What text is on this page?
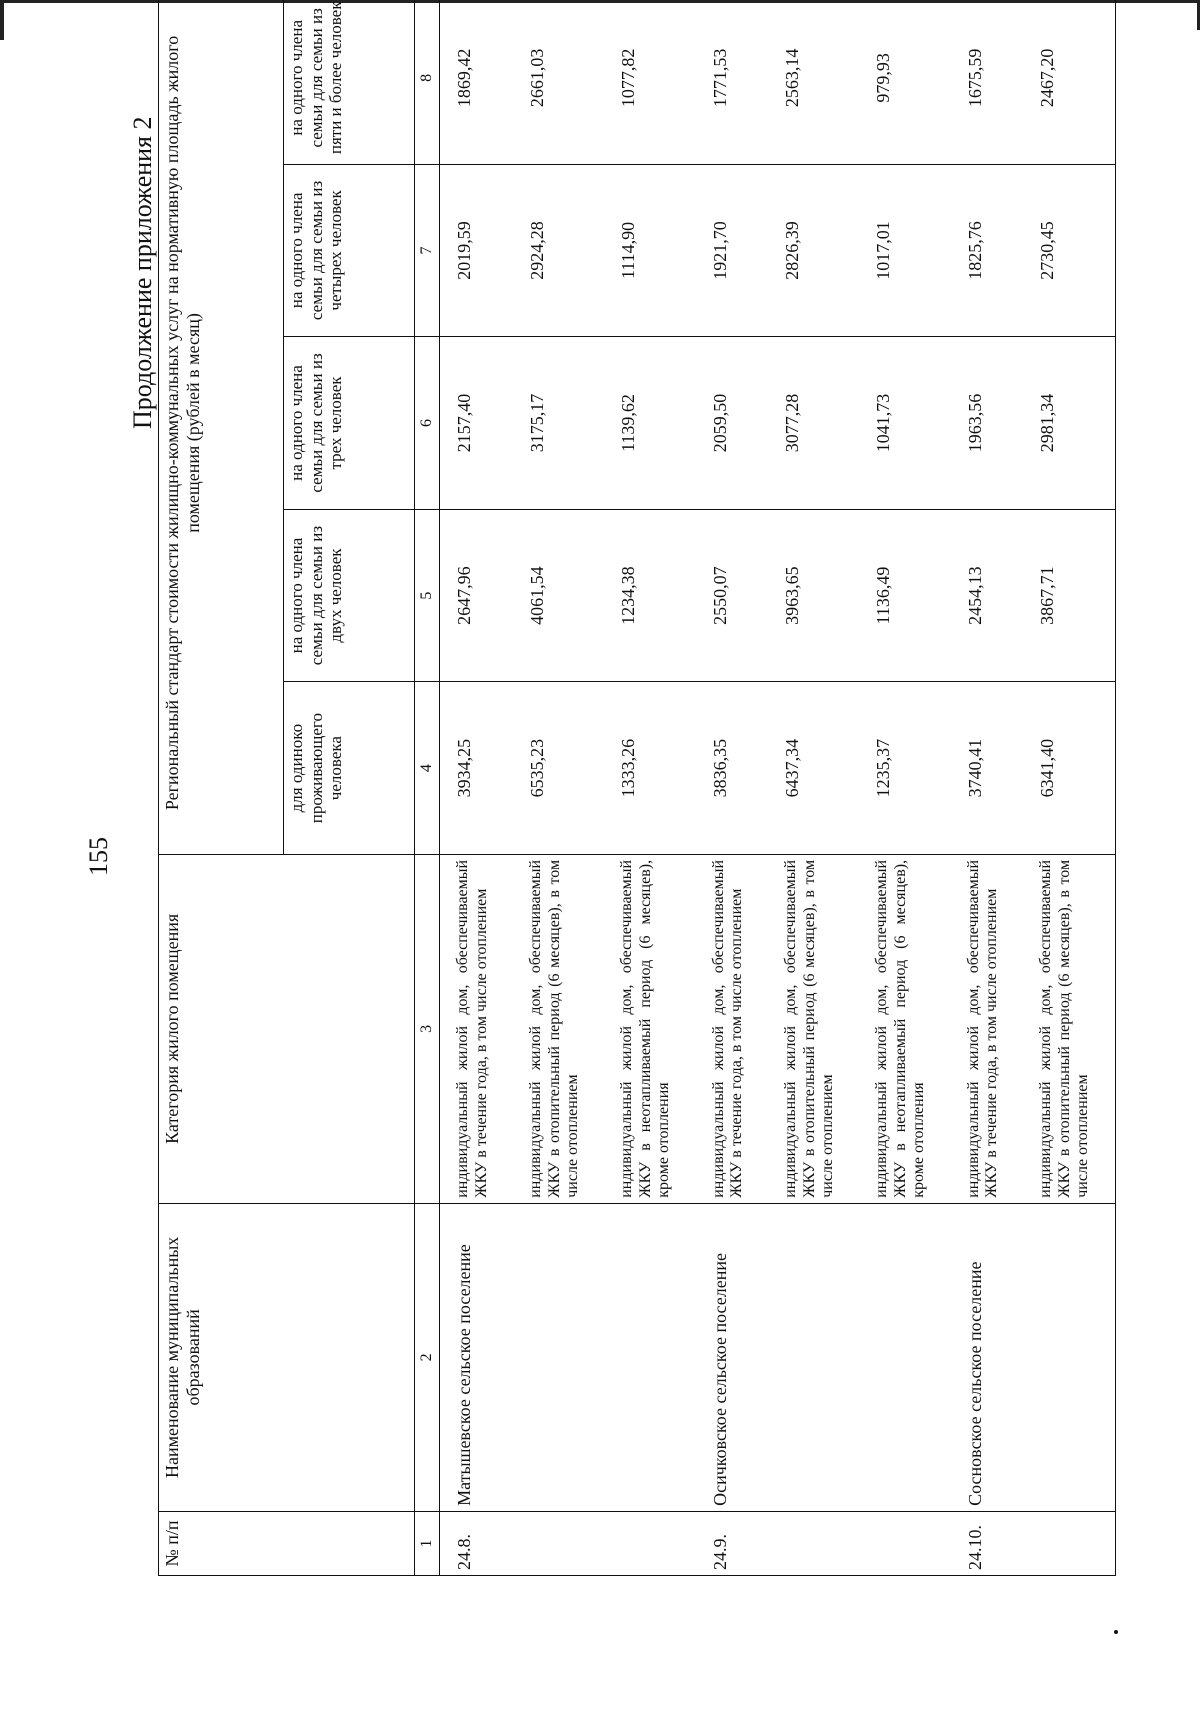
155
Продолжение приложения 2
№ п/п	Наименование муниципальных образований	Категория жилого помещения	Региональный стандарт стоимости жилищно-коммунальных услуг на нормативную площадь жилого помещения (рублей в месяц)				
			для одиноко проживающего человека	на одного члена семьи для семьи из двух человек	на одного члена семьи для семьи из трех человек	на одного члена семьи для семьи из четырех человек	на одного члена семьи для семьи из пяти и более человек
1	2	3	4	5	6	7	8
24.8.	Матышевское сельское поселение	индивидуальный жилой дом, обеспечиваемый ЖКУ в течение года, в том числе отоплением	3934,25	2647,96	2157,40	2019,59	1869,42
		индивидуальный жилой дом, обеспечиваемый ЖКУ в отопительный период (6 месяцев), в том числе отоплением	6535,23	4061,54	3175,17	2924,28	2661,03
		индивидуальный жилой дом, обеспечиваемый ЖКУ в неотапливаемый период (6 месяцев), кроме отопления	1333,26	1234,38	1139,62	1114,90	1077,82
24.9.	Осичковское сельское поселение	индивидуальный жилой дом, обеспечиваемый ЖКУ в течение года, в том числе отоплением	3836,35	2550,07	2059,50	1921,70	1771,53
		индивидуальный жилой дом, обеспечиваемый ЖКУ в отопительный период (6 месяцев), в том числе отоплением	6437,34	3963,65	3077,28	2826,39	2563,14
		индивидуальный жилой дом, обеспечиваемый ЖКУ в неотапливаемый период (6 месяцев), кроме отопления	1235,37	1136,49	1041,73	1017,01	979,93
24.10.	Сосновское сельское поселение	индивидуальный жилой дом, обеспечиваемый ЖКУ в течение года, в том числе отоплением	3740,41	2454,13	1963,56	1825,76	1675,59
		индивидуальный жилой дом, обеспечиваемый ЖКУ в отопительный период (6 месяцев), в том числе отоплением	6341,40	3867,71	2981,34	2730,45	2467,20
